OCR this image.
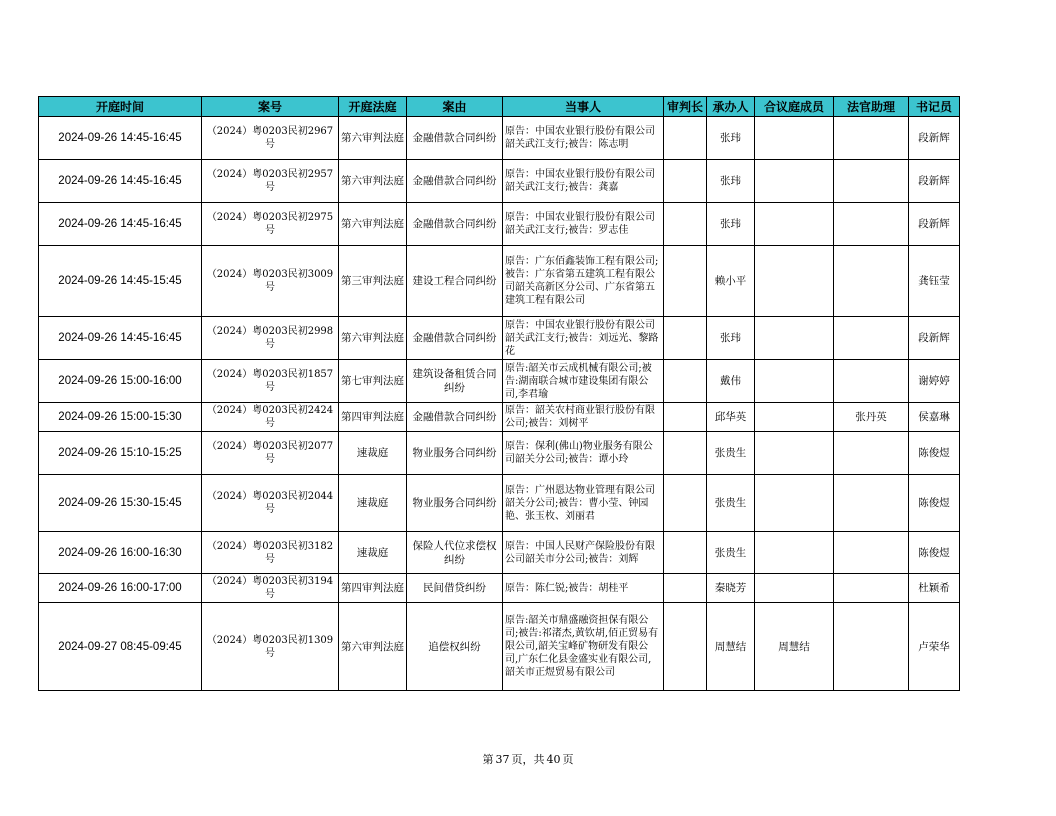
开庭时间	案号	开庭法庭	案由	当事人	审判长	承办人	合议庭成员	法官助理	书记员

2024-09-26 14:45-16:45	（2024）粤0203民初2967号	第六审判法庭	金融借款合同纠纷	原告：中国农业银行股份有限公司韶关武江支行;被告：陈志明		张玮			段新辉

2024-09-26 14:45-16:45	（2024）粤0203民初2957号	第六审判法庭	金融借款合同纠纷	原告：中国农业银行股份有限公司韶关武江支行;被告：龚嘉		张玮			段新辉

2024-09-26 14:45-16:45	（2024）粤0203民初2975号	第六审判法庭	金融借款合同纠纷	原告：中国农业银行股份有限公司韶关武江支行;被告：罗志佳		张玮			段新辉

2024-09-26 14:45-15:45	（2024）粤0203民初3009号	第三审判法庭	建设工程合同纠纷	原告：广东佰鑫装饰工程有限公司;被告：广东省第五建筑工程有限公司韶关高新区分公司、广东省第五建筑工程有限公司		赖小平			龚钰莹

2024-09-26 14:45-16:45	（2024）粤0203民初2998号	第六审判法庭	金融借款合同纠纷	原告：中国农业银行股份有限公司韶关武江支行;被告：刘远光、黎路花		张玮			段新辉

2024-09-26 15:00-16:00	（2024）粤0203民初1857号	第七审判法庭	建筑设备租赁合同纠纷	原告:韶关市云成机械有限公司;被告:湖南联合城市建设集团有限公司,李君瑜		戴伟			谢婷婷

2024-09-26 15:00-15:30	（2024）粤0203民初2424号	第四审判法庭	金融借款合同纠纷	原告：韶关农村商业银行股份有限公司;被告：刘树平		邱华英		张丹英	侯嘉琳

2024-09-26 15:10-15:25	（2024）粤0203民初2077号	速裁庭	物业服务合同纠纷	原告：保利(佛山)物业服务有限公司韶关分公司;被告：谭小玲		张贵生			陈俊煜

2024-09-26 15:30-15:45	（2024）粤0203民初2044号	速裁庭	物业服务合同纠纷	原告：广州恩达物业管理有限公司韶关分公司;被告：曹小莹、钟园艳、张玉枚、刘丽君		张贵生			陈俊煜

2024-09-26 16:00-16:30	（2024）粤0203民初3182号	速裁庭	保险人代位求偿权纠纷	原告：中国人民财产保险股份有限公司韶关市分公司;被告：刘辉		张贵生			陈俊煜

2024-09-26 16:00-17:00	（2024）粤0203民初3194号	第四审判法庭	民间借贷纠纷	原告：陈仁锐;被告：胡桂平		秦晓芳			杜颖希

2024-09-27 08:45-09:45	（2024）粤0203民初1309号	第六审判法庭	追偿权纠纷	原告:韶关市鼎盛融资担保有限公司;被告:祁渚杰,黄钦胡,佰正贸易有限公司,韶关宝峰矿物研发有限公司,广东仁化县金盛实业有限公司,韶关市正煜贸易有限公司		周慧结	周慧结		卢荣华
第 37 页，共 40 页
